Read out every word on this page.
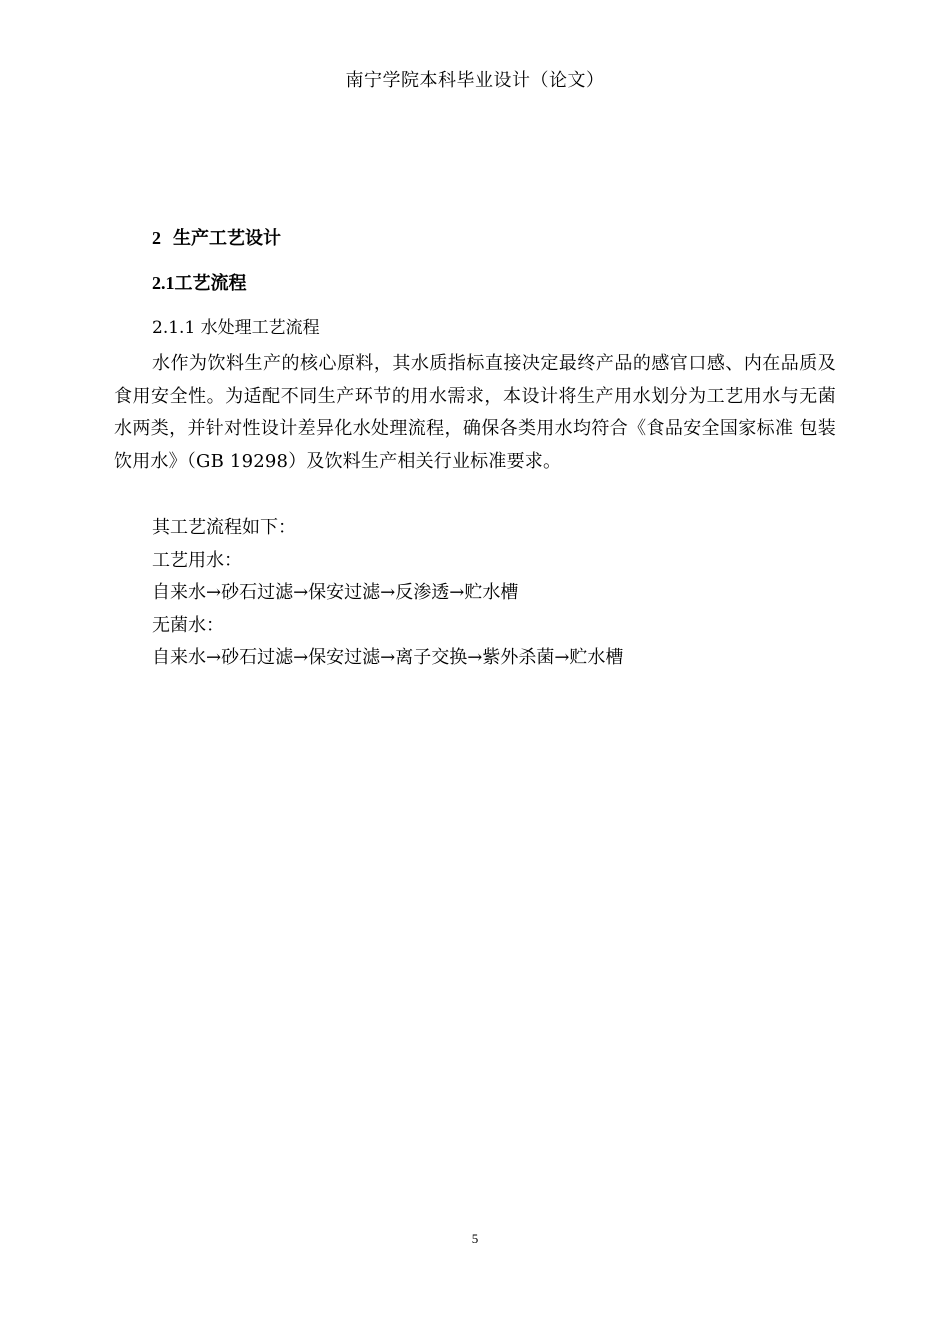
南宁学院本科毕业设计（论文）
2 生产工艺设计
2.1工艺流程
2.1.1 水处理工艺流程

水作为饮料生产的核心原料，其水质指标直接决定最终产品的感官口感、内在品质及食用安全性。为适配不同生产环节的用水需求，本设计将生产用水划分为工艺用水与无菌水两类，并针对性设计差异化水处理流程，确保各类用水均符合《食品安全国家标准 包装饮用水》（GB 19298）及饮料生产相关行业标准要求。

其工艺流程如下：
工艺用水：
自来水→砂石过滤→保安过滤→反渗透→贮水槽
无菌水：
自来水→砂石过滤→保安过滤→离子交换→紫外杀菌→贮水槽
5
